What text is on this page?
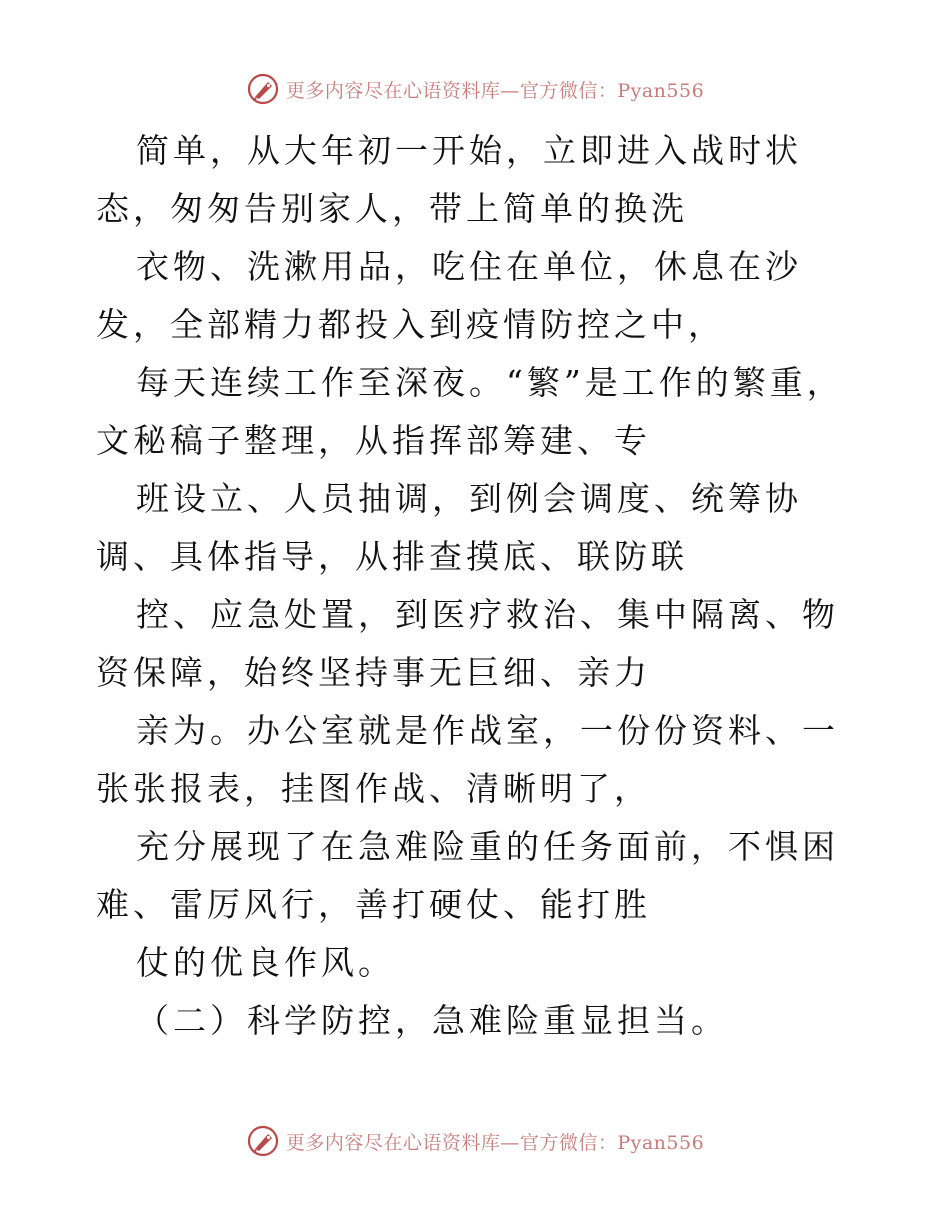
更多内容尽在心语资料库—官方微信：Pyan556

简单，从大年初一开始，立即进入战时状态，匆匆告别家人，带上简单的换洗

衣物、洗漱用品，吃住在单位，休息在沙发，全部精力都投入到疫情防控之中，

每天连续工作至深夜。“繁”是工作的繁重，文秘稿子整理，从指挥部筹建、专

班设立、人员抽调，到例会调度、统筹协调、具体指导，从排查摸底、联防联

控、应急处置，到医疗救治、集中隔离、物资保障，始终坚持事无巨细、亲力

亲为。办公室就是作战室，一份份资料、一张张报表，挂图作战、清晰明了，

充分展现了在急难险重的任务面前，不惧困难、雷厉风行，善打硬仗、能打胜

仗的优良作风。

（二）科学防控，急难险重显担当。

更多内容尽在心语资料库—官方微信：Pyan556
